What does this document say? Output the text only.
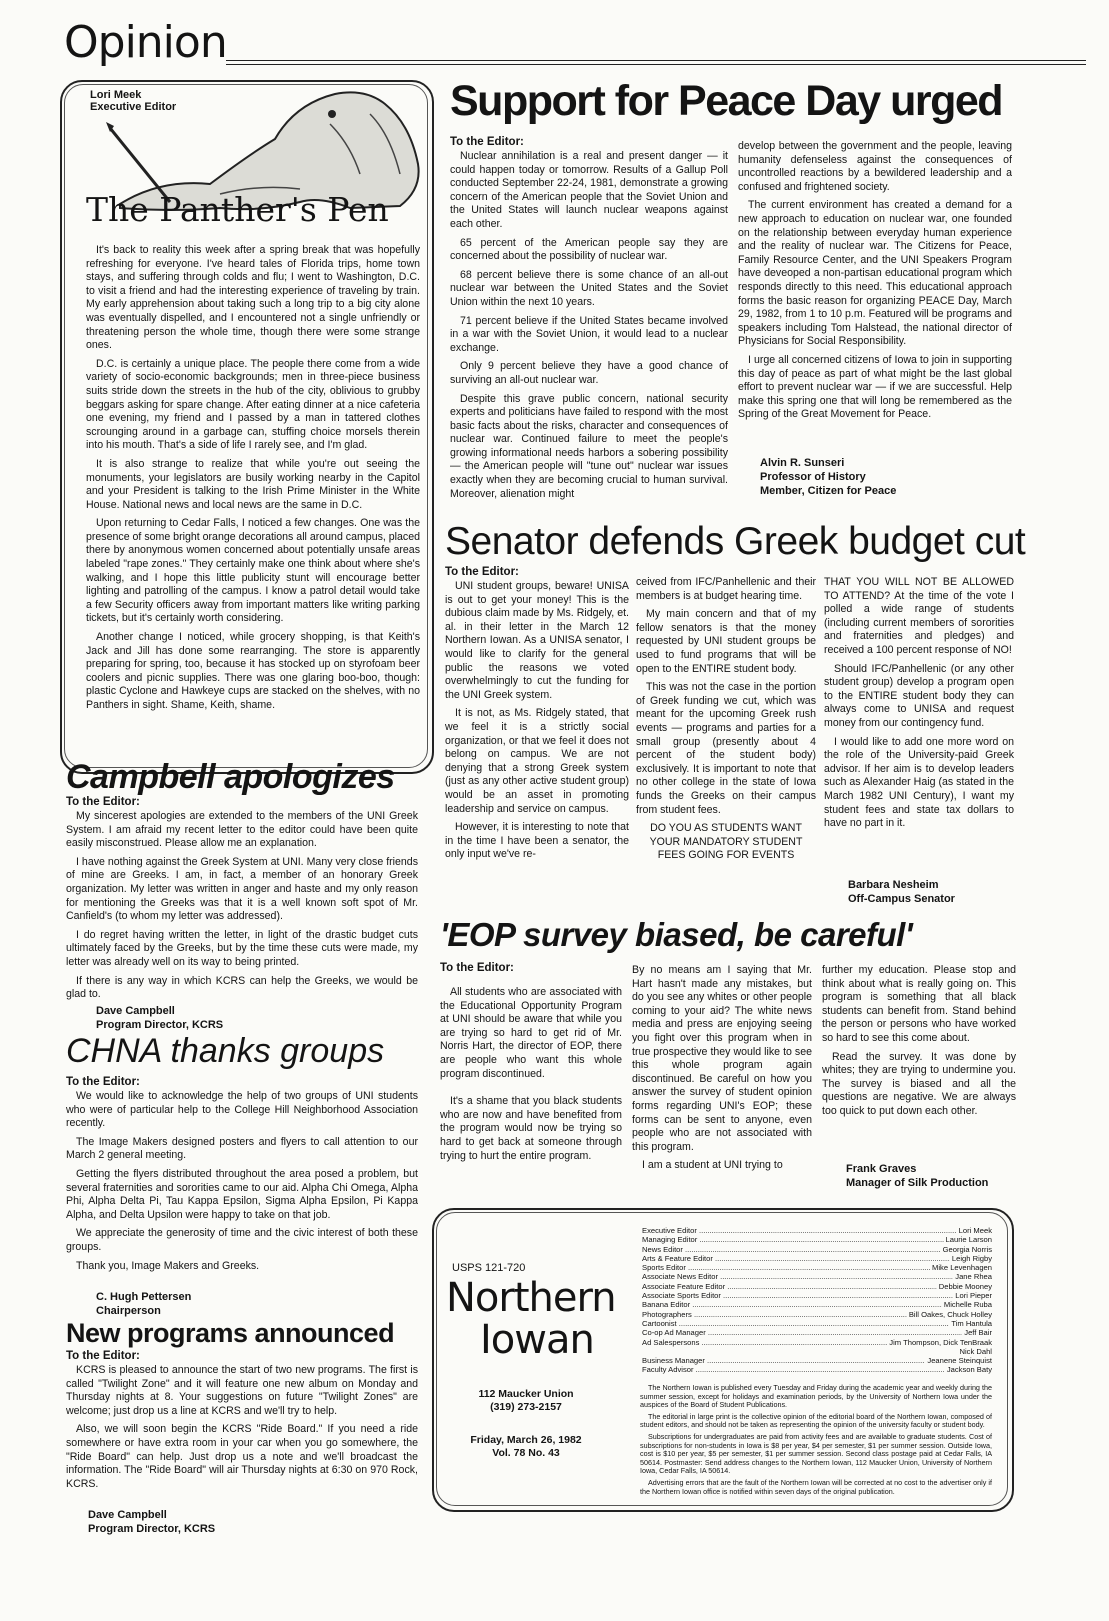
Opinion
Lori Meek
Executive Editor
The Panther's Pen

It's back to reality this week after a spring break that was hopefully refreshing for everyone. I've heard tales of Florida trips, home town stays, and suffering through colds and flu; I went to Washington, D.C. to visit a friend and had the interesting experience of traveling by train. My early apprehension about taking such a long trip to a big city alone was eventually dispelled, and I encountered not a single unfriendly or threatening person the whole time, though there were some strange ones.

D.C. is certainly a unique place. The people there come from a wide variety of socio-economic backgrounds; men in three-piece business suits stride down the streets in the hub of the city, oblivious to grubby beggars asking for spare change. After eating dinner at a nice cafeteria one evening, my friend and I passed by a man in tattered clothes scrounging around in a garbage can, stuffing choice morsels therein into his mouth. That's a side of life I rarely see, and I'm glad.

It is also strange to realize that while you're out seeing the monuments, your legislators are busily working nearby in the Capitol and your President is talking to the Irish Prime Minister in the White House. National news and local news are the same in D.C.

Upon returning to Cedar Falls, I noticed a few changes. One was the presence of some bright orange decorations all around campus, placed there by anonymous women concerned about potentially unsafe areas labeled "rape zones." They certainly make one think about where she's walking, and I hope this little publicity stunt will encourage better lighting and patrolling of the campus. I know a patrol detail would take a few Security officers away from important matters like writing parking tickets, but it's certainly worth considering.

Another change I noticed, while grocery shopping, is that Keith's Jack and Jill has done some rearranging. The store is apparently preparing for spring, too, because it has stocked up on styrofoam beer coolers and picnic supplies. There was one glaring boo-boo, though: plastic Cyclone and Hawkeye cups are stacked on the shelves, with no Panthers in sight. Shame, Keith, shame.

Support for Peace Day urged

To the Editor:

Nuclear annihilation is a real and present danger — it could happen today or tomorrow. Results of a Gallup Poll conducted September 22-24, 1981, demonstrate a growing concern of the American people that the Soviet Union and the United States will launch nuclear weapons against each other.

65 percent of the American people say they are concerned about the possibility of nuclear war.

68 percent believe there is some chance of an all-out nuclear war between the United States and the Soviet Union within the next 10 years.

71 percent believe if the United States became involved in a war with the Soviet Union, it would lead to a nuclear exchange.

Only 9 percent believe they have a good chance of surviving an all-out nuclear war.

Despite this grave public concern, national security experts and politicians have failed to respond with the most basic facts about the risks, character and consequences of nuclear war. Continued failure to meet the people's growing informational needs harbors a sobering possibility — the American people will "tune out" nuclear war issues exactly when they are becoming crucial to human survival. Moreover, alienation might

develop between the government and the people, leaving humanity defenseless against the consequences of uncontrolled reactions by a bewildered leadership and a confused and frightened society.

The current environment has created a demand for a new approach to education on nuclear war, one founded on the relationship between everyday human experience and the reality of nuclear war. The Citizens for Peace, Family Resource Center, and the UNI Speakers Program have deveoped a non-partisan educational program which responds directly to this need. This educational approach forms the basic reason for organizing PEACE Day, March 29, 1982, from 1 to 10 p.m. Featured will be programs and speakers including Tom Halstead, the national director of Physicians for Social Responsibility.

I urge all concerned citizens of Iowa to join in supporting this day of peace as part of what might be the last global effort to prevent nuclear war — if we are successful. Help make this spring one that will long be remembered as the Spring of the Great Movement for Peace.

Alvin R. Sunseri
Professor of History
Member, Citizen for Peace
Senator defends Greek budget cut

To the Editor:

UNI student groups, beware! UNISA is out to get your money! This is the dubious claim made by Ms. Ridgely, et. al. in their letter in the March 12 Northern Iowan. As a UNISA senator, I would like to clarify for the general public the reasons we voted overwhelmingly to cut the funding for the UNI Greek system.

It is not, as Ms. Ridgely stated, that we feel it is a strictly social organization, or that we feel it does not belong on campus. We are not denying that a strong Greek system (just as any other active student group) would be an asset in promoting leadership and service on campus.

However, it is interesting to note that in the time I have been a senator, the only input we've re-

ceived from IFC/Panhellenic and their members is at budget hearing time.

My main concern and that of my fellow senators is that the money requested by UNI student groups be used to fund programs that will be open to the ENTIRE student body.

This was not the case in the portion of Greek funding we cut, which was meant for the upcoming Greek rush events — programs and parties for a small group (presently about 4 percent of the student body) exclusively. It is important to note that no other college in the state of Iowa funds the Greeks on their campus from student fees.

DO YOU AS STUDENTS WANT YOUR MANDATORY STUDENT FEES GOING FOR EVENTS

THAT YOU WILL NOT BE ALLOWED TO ATTEND? At the time of the vote I polled a wide range of students (including current members of sororities and fraternities and pledges) and received a 100 percent response of NO!

Should IFC/Panhellenic (or any other student group) develop a program open to the ENTIRE student body they can always come to UNISA and request money from our contingency fund.

I would like to add one more word on the role of the University-paid Greek advisor. If her aim is to develop leaders such as Alexander Haig (as stated in the March 1982 UNI Century), I want my student fees and state tax dollars to have no part in it.

Barbara Nesheim
Off-Campus Senator
Campbell apologizes

To the Editor:

My sincerest apologies are extended to the members of the UNI Greek System. I am afraid my recent letter to the editor could have been quite easily misconstrued. Please allow me an explanation.

I have nothing against the Greek System at UNI. Many very close friends of mine are Greeks. I am, in fact, a member of an honorary Greek organization. My letter was written in anger and haste and my only reason for mentioning the Greeks was that it is a well known soft spot of Mr. Canfield's (to whom my letter was addressed).

I do regret having written the letter, in light of the drastic budget cuts ultimately faced by the Greeks, but by the time these cuts were made, my letter was already well on its way to being printed.

If there is any way in which KCRS can help the Greeks, we would be glad to.

Dave Campbell
Program Director, KCRS
CHNA thanks groups

To the Editor:

We would like to acknowledge the help of two groups of UNI students who were of particular help to the College Hill Neighborhood Association recently.

The Image Makers designed posters and flyers to call attention to our March 2 general meeting.

Getting the flyers distributed throughout the area posed a problem, but several fraternities and sororities came to our aid. Alpha Chi Omega, Alpha Phi, Alpha Delta Pi, Tau Kappa Epsilon, Sigma Alpha Epsilon, Pi Kappa Alpha, and Delta Upsilon were happy to take on that job.

We appreciate the generosity of time and the civic interest of both these groups.

Thank you, Image Makers and Greeks.

C. Hugh Pettersen
Chairperson
New programs announced

To the Editor:

KCRS is pleased to announce the start of two new programs. The first is called "Twilight Zone" and it will feature one new album on Monday and Thursday nights at 8. Your suggestions on future "Twilight Zones" are welcome; just drop us a line at KCRS and we'll try to help.

Also, we will soon begin the KCRS "Ride Board." If you need a ride somewhere or have extra room in your car when you go somewhere, the "Ride Board" can help. Just drop us a note and we'll broadcast the information. The "Ride Board" will air Thursday nights at 6:30 on 970 Rock, KCRS.

Dave Campbell
Program Director, KCRS
'EOP survey biased, be careful'

To the Editor:

All students who are associated with the Educational Opportunity Program at UNI should be aware that while you are trying so hard to get rid of Mr. Norris Hart, the director of EOP, there are people who want this whole program discontinued.

It's a shame that you black students who are now and have benefited from the program would now be trying so hard to get back at someone through trying to hurt the entire program.

By no means am I saying that Mr. Hart hasn't made any mistakes, but do you see any whites or other people coming to your aid? The white news media and press are enjoying seeing you fight over this program when in true prospective they would like to see this whole program again discontinued. Be careful on how you answer the survey of student opinion forms regarding UNI's EOP; these forms can be sent to anyone, even people who are not associated with this program.

I am a student at UNI trying to

further my education. Please stop and think about what is really going on. This program is something that all black students can benefit from. Stand behind the person or persons who have worked so hard to see this come about.

Read the survey. It was done by whites; they are trying to undermine you. The survey is biased and all the questions are negative. We are always too quick to put down each other.

Frank Graves
Manager of Silk Production
USPS 121-720
Northern
Iowan
112 Maucker Union
(319) 273-2157
Friday, March 26, 1982
Vol. 78 No. 43
Executive Editor .....	Lori Meek
Managing Editor .....	Laurie Larson
News Editor .....	Georgia Norris
Arts & Feature Editor .....	Leigh Rigby
Sports Editor .....	Mike Levenhagen
Associate News Editor .....	Jane Rhea
Associate Feature Editor .....	Debbie Mooney
Associate Sports Editor .....	Lori Pieper
Banana Editor .....	Michelle Ruba
Photographers .....	Bill Oakes, Chuck Holley
Cartoonist .....	Tim Hantula
Co-op Ad Manager .....	Jeff Bair
Ad Salespersons .....	Jim Thompson, Dick TenBraak
Nick Dahl
Business Manager .....	Jeanene Steinquist
Faculty Advisor .....	Jackson Baty

The Northern Iowan is published every Tuesday and Friday during the academic year and weekly during the summer session, except for holidays and examination periods, by the University of Northern Iowa under the auspices of the Board of Student Publications.

The editorial in large print is the collective opinion of the editorial board of the Northern Iowan, composed of student editors, and should not be taken as representing the opinion of the university faculty or student body.

Subscriptions for undergraduates are paid from activity fees and are available to graduate students. Cost of subscriptions for non-students in Iowa is $8 per year, $4 per semester, $1 per summer session. Outside Iowa, cost is $10 per year, $5 per semester, $1 per summer session. Second class postage paid at Cedar Falls, IA 50614. Postmaster: Send address changes to the Northern Iowan, 112 Maucker Union, University of Northern Iowa, Cedar Falls, IA 50614.

Advertising errors that are the fault of the Northern Iowan will be corrected at no cost to the advertiser only if the Northern Iowan office is notified within seven days of the original publication.
